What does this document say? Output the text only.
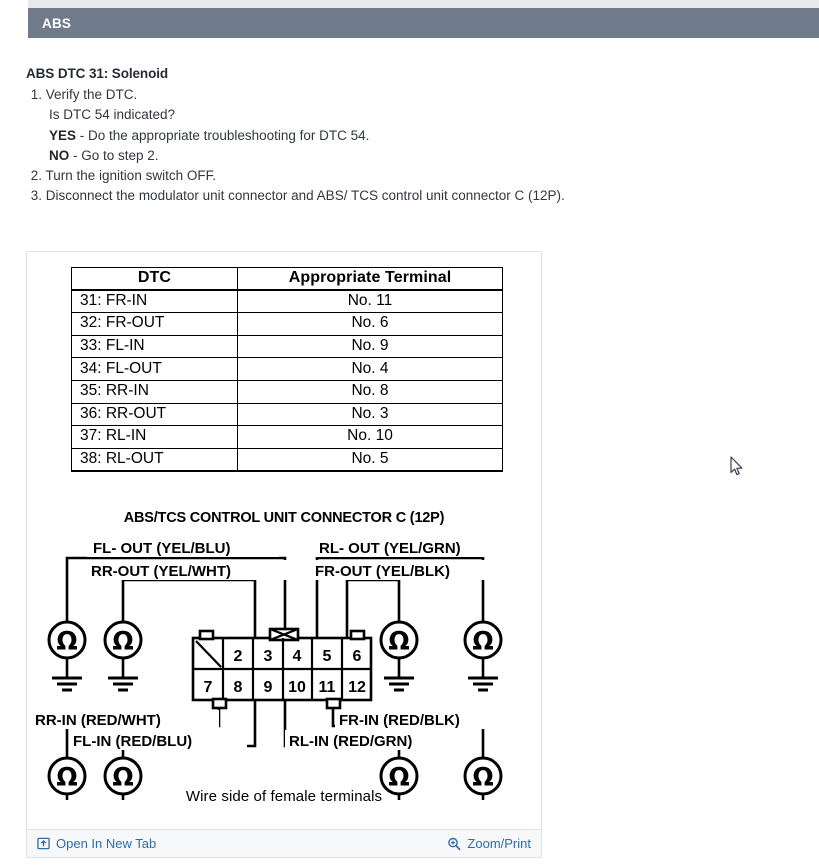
ABS
ABS DTC 31: Solenoid
1. Verify the DTC.
Is DTC 54 indicated?
YES - Do the appropriate troubleshooting for DTC 54.
NO - Go to step 2.
2. Turn the ignition switch OFF.
3. Disconnect the modulator unit connector and ABS/ TCS control unit connector C (12P).
DTC	Appropriate Terminal
31: FR-IN	No. 11
32: FR-OUT	No. 6
33: FL-IN	No. 9
34: FL-OUT	No. 4
35: RR-IN	No. 8
36: RR-OUT	No. 3
37: RL-IN	No. 10
38: RL-OUT	No. 5
ABS/TCS CONTROL UNIT CONNECTOR C (12P)
Ω Ω	Ω	Ω
2 3 4 5 6
7 8 9 10 11 12
Ω Ω	Ω	Ω
FL- OUT (YEL/BLU)
RR-OUT (YEL/WHT)
RL- OUT (YEL/GRN)
FR-OUT (YEL/BLK)
RR-IN (RED/WHT)
FL-IN (RED/BLU)
FR-IN (RED/BLK)
RL-IN (RED/GRN)
Wire side of female terminals
Open In New Tab	Zoom/Print
